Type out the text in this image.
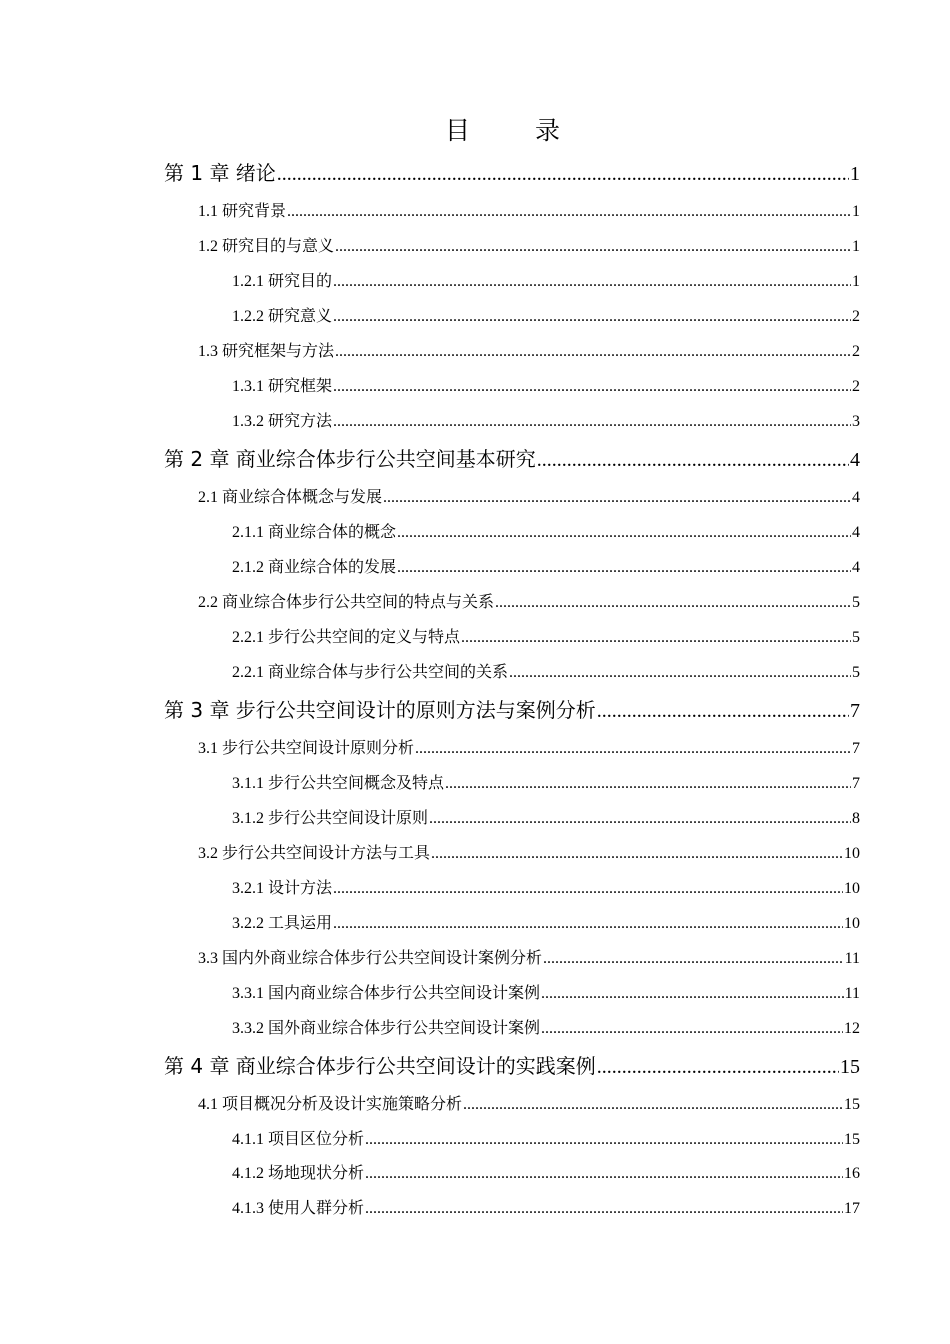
目　录
第 1 章 绪论 .....	1
1.1 研究背景 .....	1
1.2 研究目的与意义 .....	1
1.2.1 研究目的 .....	1
1.2.2 研究意义 .....	2
1.3 研究框架与方法 .....	2
1.3.1 研究框架 .....	2
1.3.2 研究方法 .....	3
第 2 章 商业综合体步行公共空间基本研究 .....	4
2.1 商业综合体概念与发展 .....	4
2.1.1 商业综合体的概念 .....	4
2.1.2 商业综合体的发展 .....	4
2.2 商业综合体步行公共空间的特点与关系 .....	5
2.2.1 步行公共空间的定义与特点 .....	5
2.2.1 商业综合体与步行公共空间的关系 .....	5
第 3 章 步行公共空间设计的原则方法与案例分析 .....	7
3.1 步行公共空间设计原则分析 .....	7
3.1.1 步行公共空间概念及特点 .....	7
3.1.2 步行公共空间设计原则 .....	8
3.2 步行公共空间设计方法与工具 .....	10
3.2.1 设计方法 .....	10
3.2.2 工具运用 .....	10
3.3 国内外商业综合体步行公共空间设计案例分析 .....	11
3.3.1 国内商业综合体步行公共空间设计案例 .....	11
3.3.2 国外商业综合体步行公共空间设计案例 .....	12
第 4 章 商业综合体步行公共空间设计的实践案例 .....	15
4.1 项目概况分析及设计实施策略分析 .....	15
4.1.1 项目区位分析 .....	15
4.1.2 场地现状分析 .....	16
4.1.3 使用人群分析 .....	17
